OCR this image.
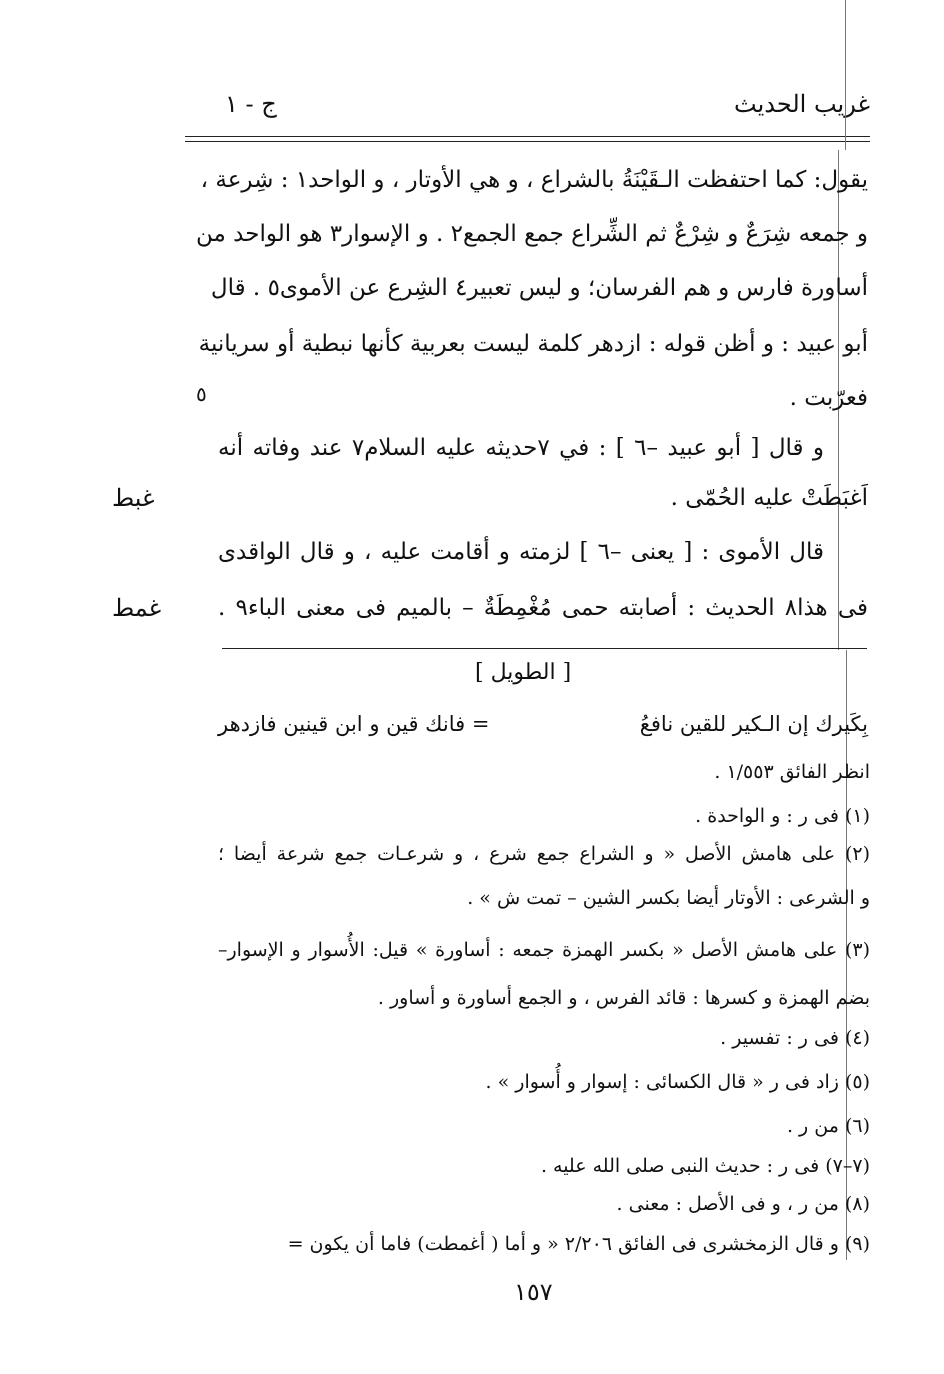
غريب الحديث
ج - ١
يقول: كما احتفظت الـقَيْنَةُ بالشراع ، و هي الأوتار ، و الواحد١ : شِرعة ،
و جمعه شِرَعٌ و شِرْعٌ ثم الشِّراع جمع الجمع٢ . و الإسوار٣ هو الواحد من
أساورة فارس و هم الفرسان؛ و ليس تعبير٤ الشِرع عن الأموى٥ . قال
أبو عبيد : و أظن قوله : ازدهر كلمة ليست بعربية كأنها نبطية أو سريانية
فعرّبت .
و قال [ أبو عبيد –٦ ] : في ٧حديثه عليه السلام٧ عند وفاته أنه
اَغبَطَتْ عليه الحُمّى .
قال الأموى : [ يعنى –٦ ] لزمته و أقامت عليه ، و قال الواقدى
فى هذا٨ الحديث : أصابته حمى مُغْمِطَةٌ – بالميم فى معنى الباء٩ .
٥
غبط
غمط
[ الطويل ]
= فانك قين و ابن قينين فازدهر	بِكَيرك إن الـكير للقين نافعُ
انظر الفائق ١/٥٥٣ .
(١) فى ر : و الواحدة .
(٢) على هامش الأصل « و الشراع جمع شرع ، و شرعـات جمع شرعة أيضا ؛
و الشرعى : الأوتار أيضا بكسر الشين – تمت ش » .
(٣) على هامش الأصل « بكسر الهمزة جمعه : أساورة » قيل: الأُسوار و الإسوار–
بضم الهمزة و كسرها : قائد الفرس ، و الجمع أساورة و أساور .
(٤) فى ر : تفسير .
(٥) زاد فى ر « قال الكسائى : إسوار و أُسوار » .
(٦) من ر .
(٧–٧) فى ر : حديث النبى صلى الله عليه .
(٨) من ر ، و فى الأصل : معنى .
(٩) و قال الزمخشرى فى الفائق ٢/٢٠٦ « و أما ( أغمطت) فاما أن يكون =
١٥٧
